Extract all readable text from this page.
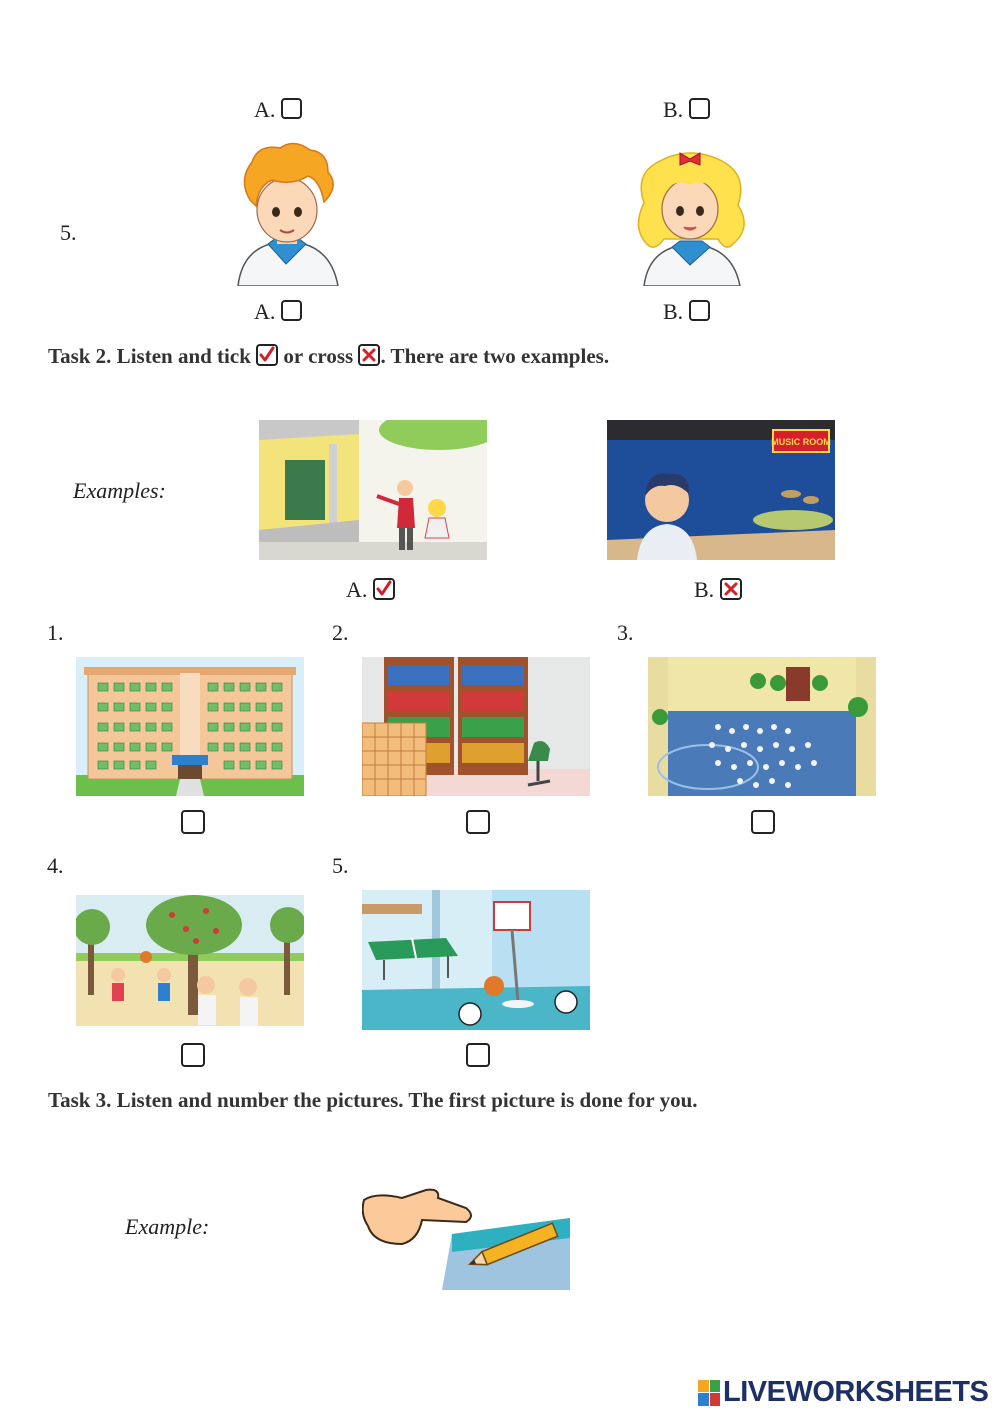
A.	B.
5.
A.	B.
Task 2. Listen and tick or cross . There are two examples.
Examples:
MUSIC ROOM
A.	B.
1.	2.	3.
4.	5.
Task 3. Listen and number the pictures. The first picture is done for you.
Example:
LIVEWORKSHEETS
